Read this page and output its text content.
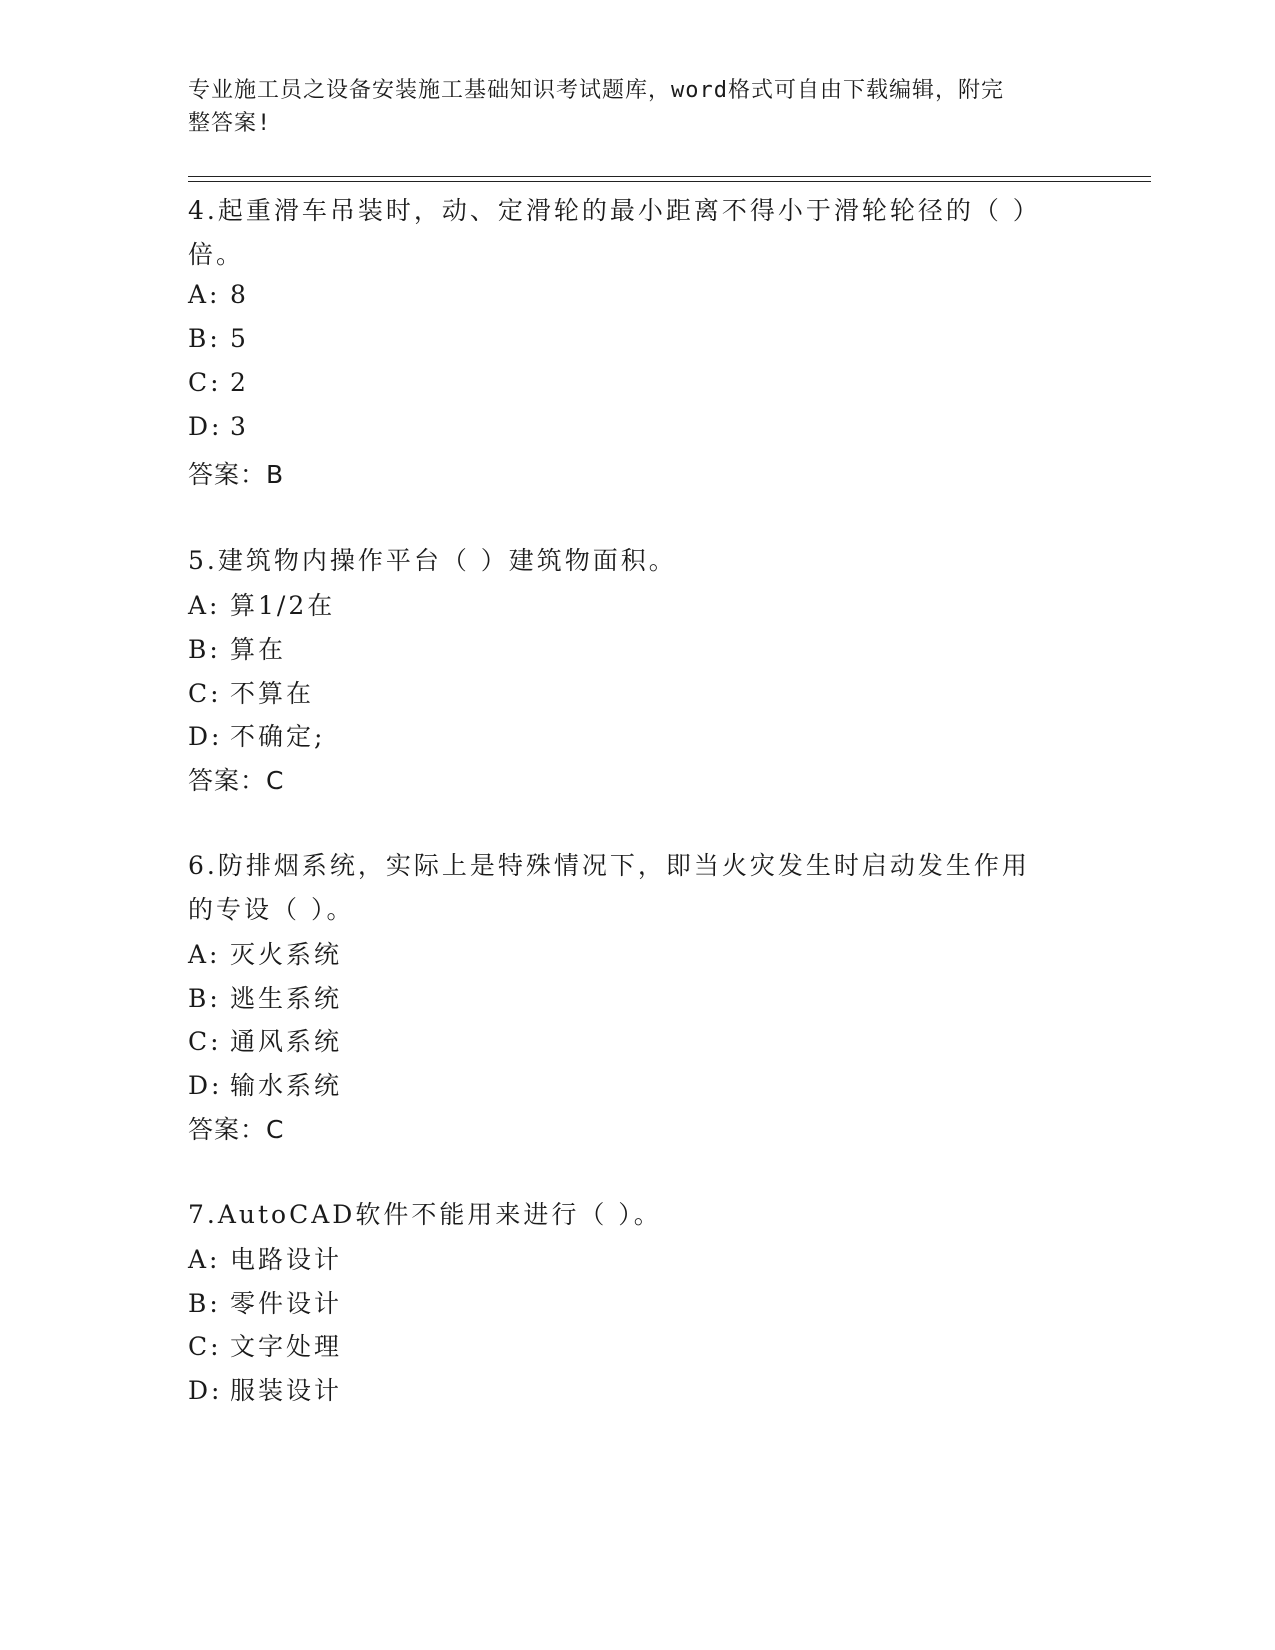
专业施工员之设备安装施工基础知识考试题库，word格式可自由下载编辑，附完
整答案!
4.起重滑车吊装时，动、定滑轮的最小距离不得小于滑轮轮径的（ ）
倍。
A: 8
B: 5
C: 2
D: 3
答案：B
5.建筑物内操作平台（ ）建筑物面积。
A: 算1/2在
B: 算在
C: 不算在
D: 不确定;
答案：C
6.防排烟系统，实际上是特殊情况下，即当火灾发生时启动发生作用
的专设（ ）。
A: 灭火系统
B: 逃生系统
C: 通风系统
D: 输水系统
答案：C
7.AutoCAD软件不能用来进行（ ）。
A: 电路设计
B: 零件设计
C: 文字处理
D: 服装设计
